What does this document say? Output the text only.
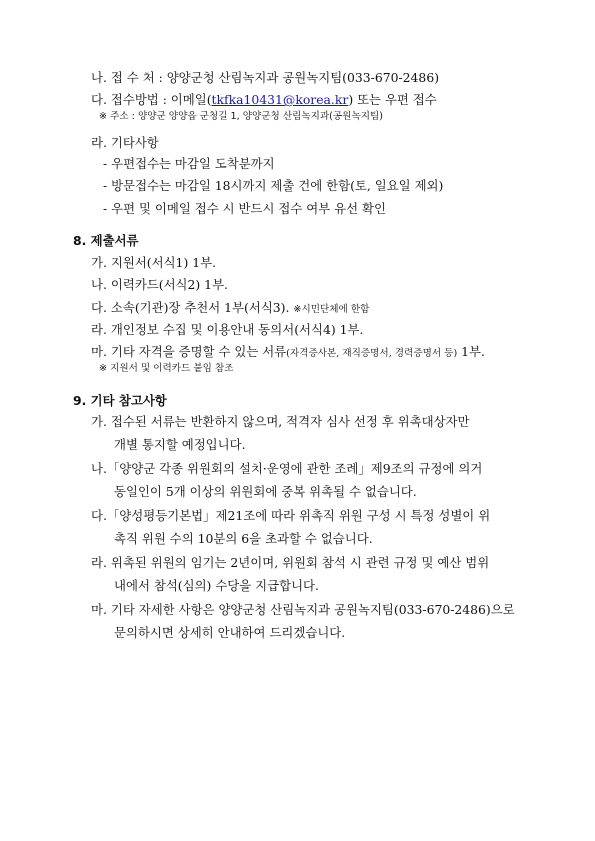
나. 접 수 처 : 양양군청 산림녹지과 공원녹지팀(033-670-2486)
다. 접수방법 : 이메일(tkfka10431@korea.kr) 또는 우편 접수
※ 주소 : 양양군 양양읍 군청길 1, 양양군청 산림녹지과(공원녹지팀)
라. 기타사항
- 우편접수는 마감일 도착분까지
- 방문접수는 마감일 18시까지 제출 건에 한함(토, 일요일 제외)
- 우편 및 이메일 접수 시 반드시 접수 여부 유선 확인
8. 제출서류
가. 지원서(서식1) 1부.
나. 이력카드(서식2) 1부.
다. 소속(기관)장 추천서 1부(서식3). ※시민단체에 한함
라. 개인정보 수집 및 이용안내 동의서(서식4) 1부.
마. 기타 자격을 증명할 수 있는 서류(자격증사본, 재직증명서, 경력증명서 등) 1부.
※ 지원서 및 이력카드 붙임 참조
9. 기타 참고사항
가. 접수된 서류는 반환하지 않으며, 적격자 심사 선정 후 위촉대상자만
개별 통지할 예정입니다.
나.「양양군 각종 위원회의 설치·운영에 관한 조례」제9조의 규정에 의거
동일인이 5개 이상의 위원회에 중복 위촉될 수 없습니다.
다.「양성평등기본법」제21조에 따라 위촉직 위원 구성 시 특정 성별이 위
촉직 위원 수의 10분의 6을 초과할 수 없습니다.
라. 위촉된 위원의 임기는 2년이며, 위원회 참석 시 관련 규정 및 예산 범위
내에서 참석(심의) 수당을 지급합니다.
마. 기타 자세한 사항은 양양군청 산림녹지과 공원녹지팀(033-670-2486)으로
문의하시면 상세히 안내하여 드리겠습니다.
